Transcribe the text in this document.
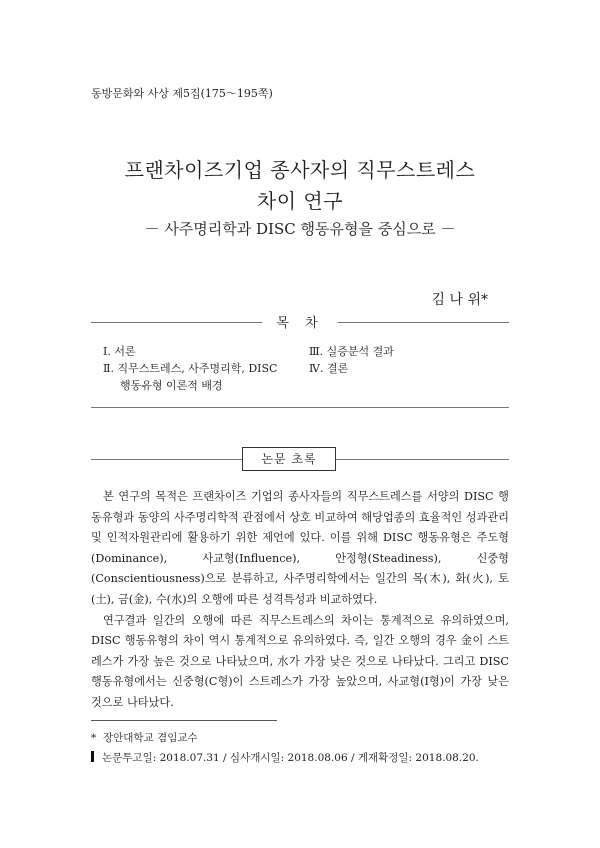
동방문화와 사상 제5집(175～195쪽)
프랜차이즈기업 종사자의 직무스트레스
차이 연구
－ 사주명리학과 DISC 행동유형을 중심으로 －
김 나 위*
목 차
Ⅰ. 서론
Ⅱ. 직무스트레스, 사주명리학, DISC
행동유형 이론적 배경
Ⅲ. 실증분석 결과
Ⅳ. 결론
논문 초록

본 연구의 목적은 프랜차이즈 기업의 종사자들의 직무스트레스를 서양의 DISC 행동유형과 동양의 사주명리학적 관점에서 상호 비교하여 해당업종의 효율적인 성과관리 및 인적자원관리에 활용하기 위한 제언에 있다. 이를 위해 DISC 행동유형은 주도형(Dominance), 사교형(Influence), 안정형(Steadiness), 신중형(Conscientiousness)으로 분류하고, 사주명리학에서는 일간의 목(木), 화(火), 토(土), 금(金), 수(水)의 오행에 따른 성격특성과 비교하였다.

연구결과 일간의 오행에 따른 직무스트레스의 차이는 통계적으로 유의하였으며, DISC 행동유형의 차이 역시 통계적으로 유의하였다. 즉, 일간 오행의 경우 金이 스트레스가 가장 높은 것으로 나타났으며, 水가 가장 낮은 것으로 나타났다. 그리고 DISC 행동유형에서는 신중형(C형)이 스트레스가 가장 높았으며, 사교형(I형)이 가장 낮은 것으로 나타났다.

* 장안대학교 겸임교수
논문투고일: 2018.07.31 / 심사개시일: 2018.08.06 / 게재확정일: 2018.08.20.
